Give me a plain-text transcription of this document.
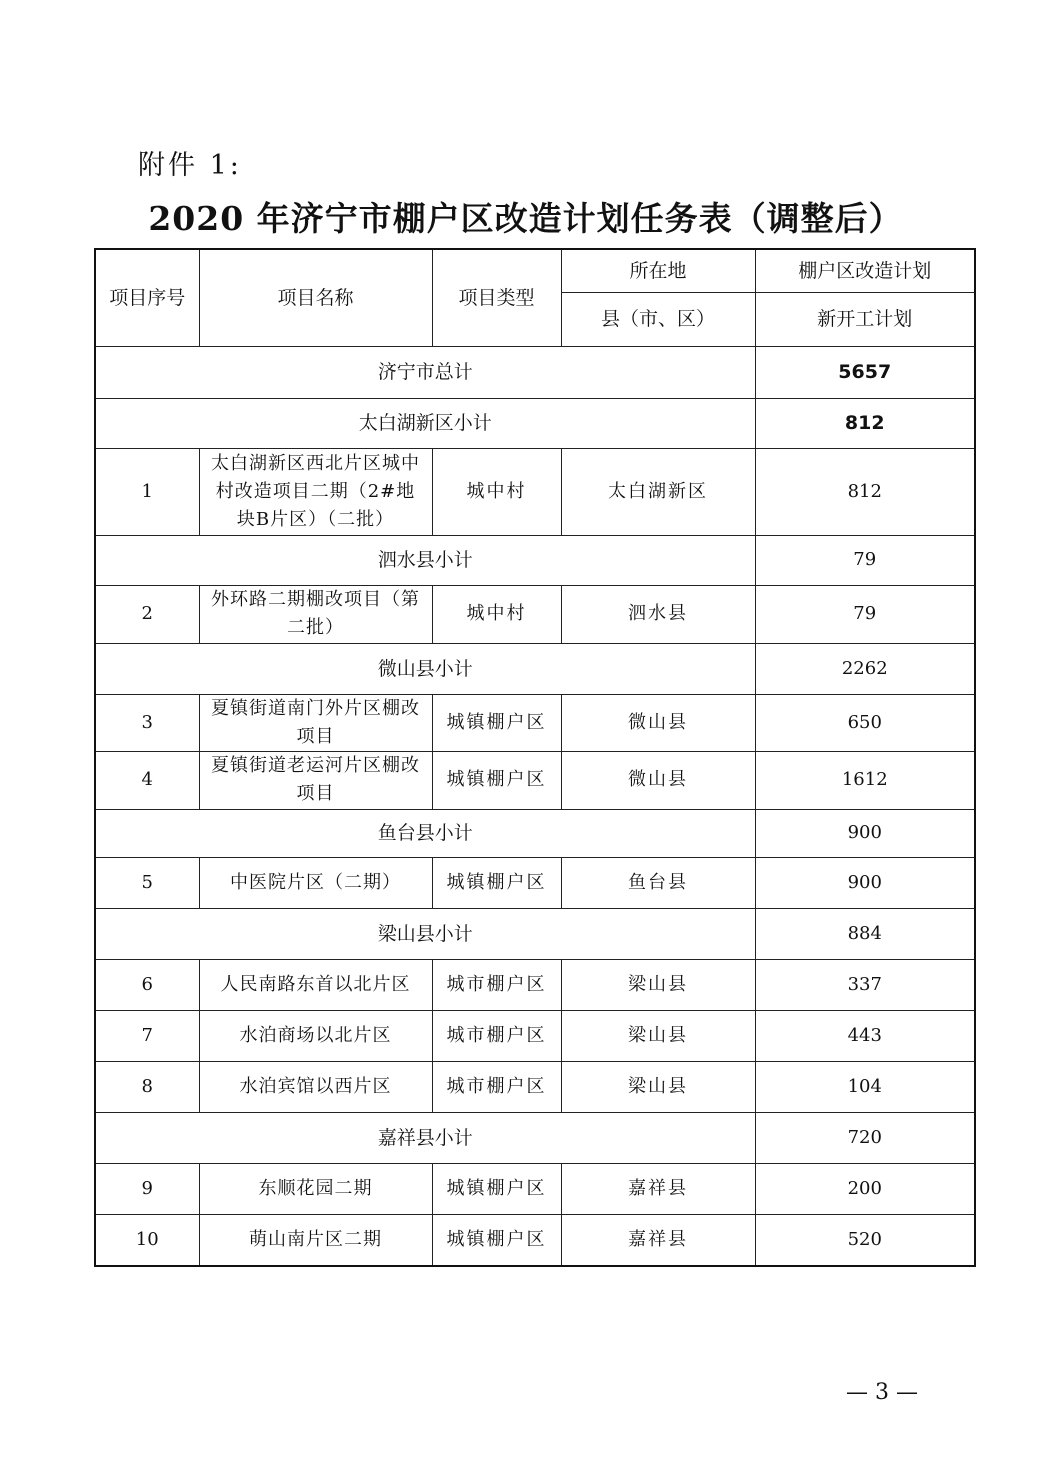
附件 1:
2020 年济宁市棚户区改造计划任务表（调整后）
项目序号	项目名称	项目类型	所在地	棚户区改造计划
			县（市、区）	新开工计划
济宁市总计				5657
太白湖新区小计				812
1	太白湖新区西北片区城中村改造项目二期（2#地块B片区）（二批）	城中村	太白湖新区	812
泗水县小计				79
2	外环路二期棚改项目（第二批）	城中村	泗水县	79
微山县小计				2262
3	夏镇街道南门外片区棚改项目	城镇棚户区	微山县	650
4	夏镇街道老运河片区棚改项目	城镇棚户区	微山县	1612
鱼台县小计				900
5	中医院片区（二期）	城镇棚户区	鱼台县	900
梁山县小计				884
6	人民南路东首以北片区	城市棚户区	梁山县	337
7	水泊商场以北片区	城市棚户区	梁山县	443
8	水泊宾馆以西片区	城市棚户区	梁山县	104
嘉祥县小计				720
9	东顺花园二期	城镇棚户区	嘉祥县	200
10	萌山南片区二期	城镇棚户区	嘉祥县	520
— 3 —
